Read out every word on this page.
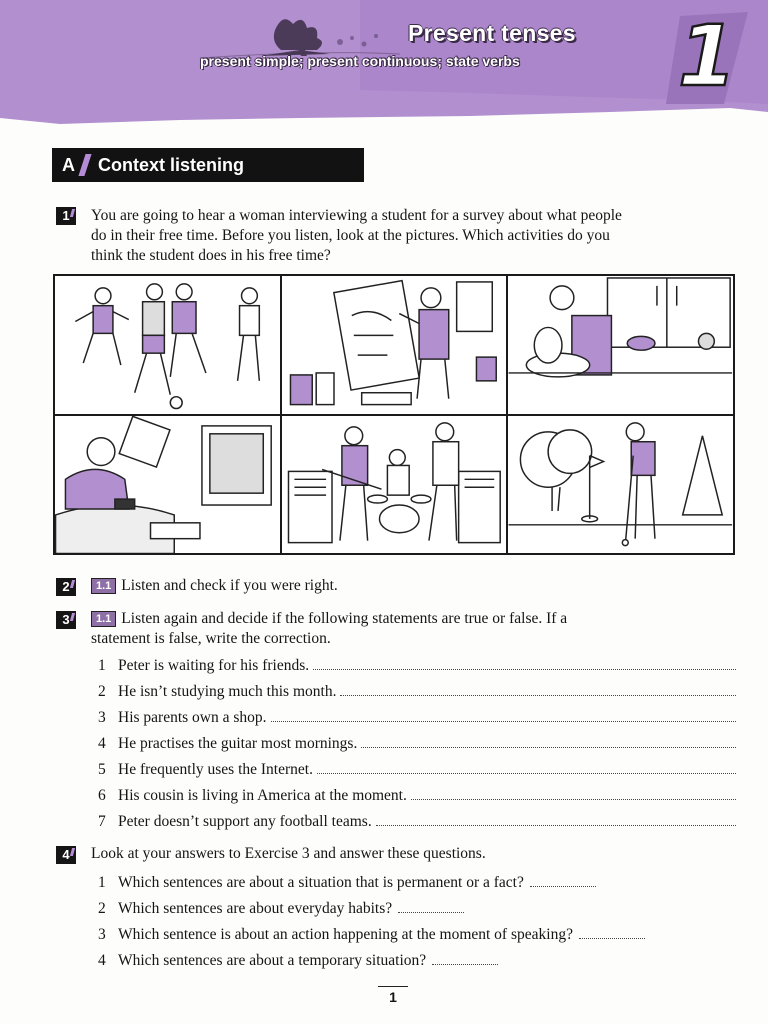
Present tenses
present simple; present continuous; state verbs 1
A Context listening
1	You are going to hear a woman interviewing a student for a survey about what people
do in their free time. Before you listen, look at the pictures. Which activities do you
think the student does in his free time?
2	1.1 Listen and check if you were right.
3	1.1 Listen again and decide if the following statements are true or false. If a
statement is false, write the correction.
1 Peter is waiting for his friends.
2 He isn’t studying much this month.
3 His parents own a shop.
4 He practises the guitar most mornings.
5 He frequently uses the Internet.
6 His cousin is living in America at the moment.
7 Peter doesn’t support any football teams.
4	Look at your answers to Exercise 3 and answer these questions.
1 Which sentences are about a situation that is permanent or a fact?
2 Which sentences are about everyday habits?
3 Which sentence is about an action happening at the moment of speaking?
4 Which sentences are about a temporary situation?
1
